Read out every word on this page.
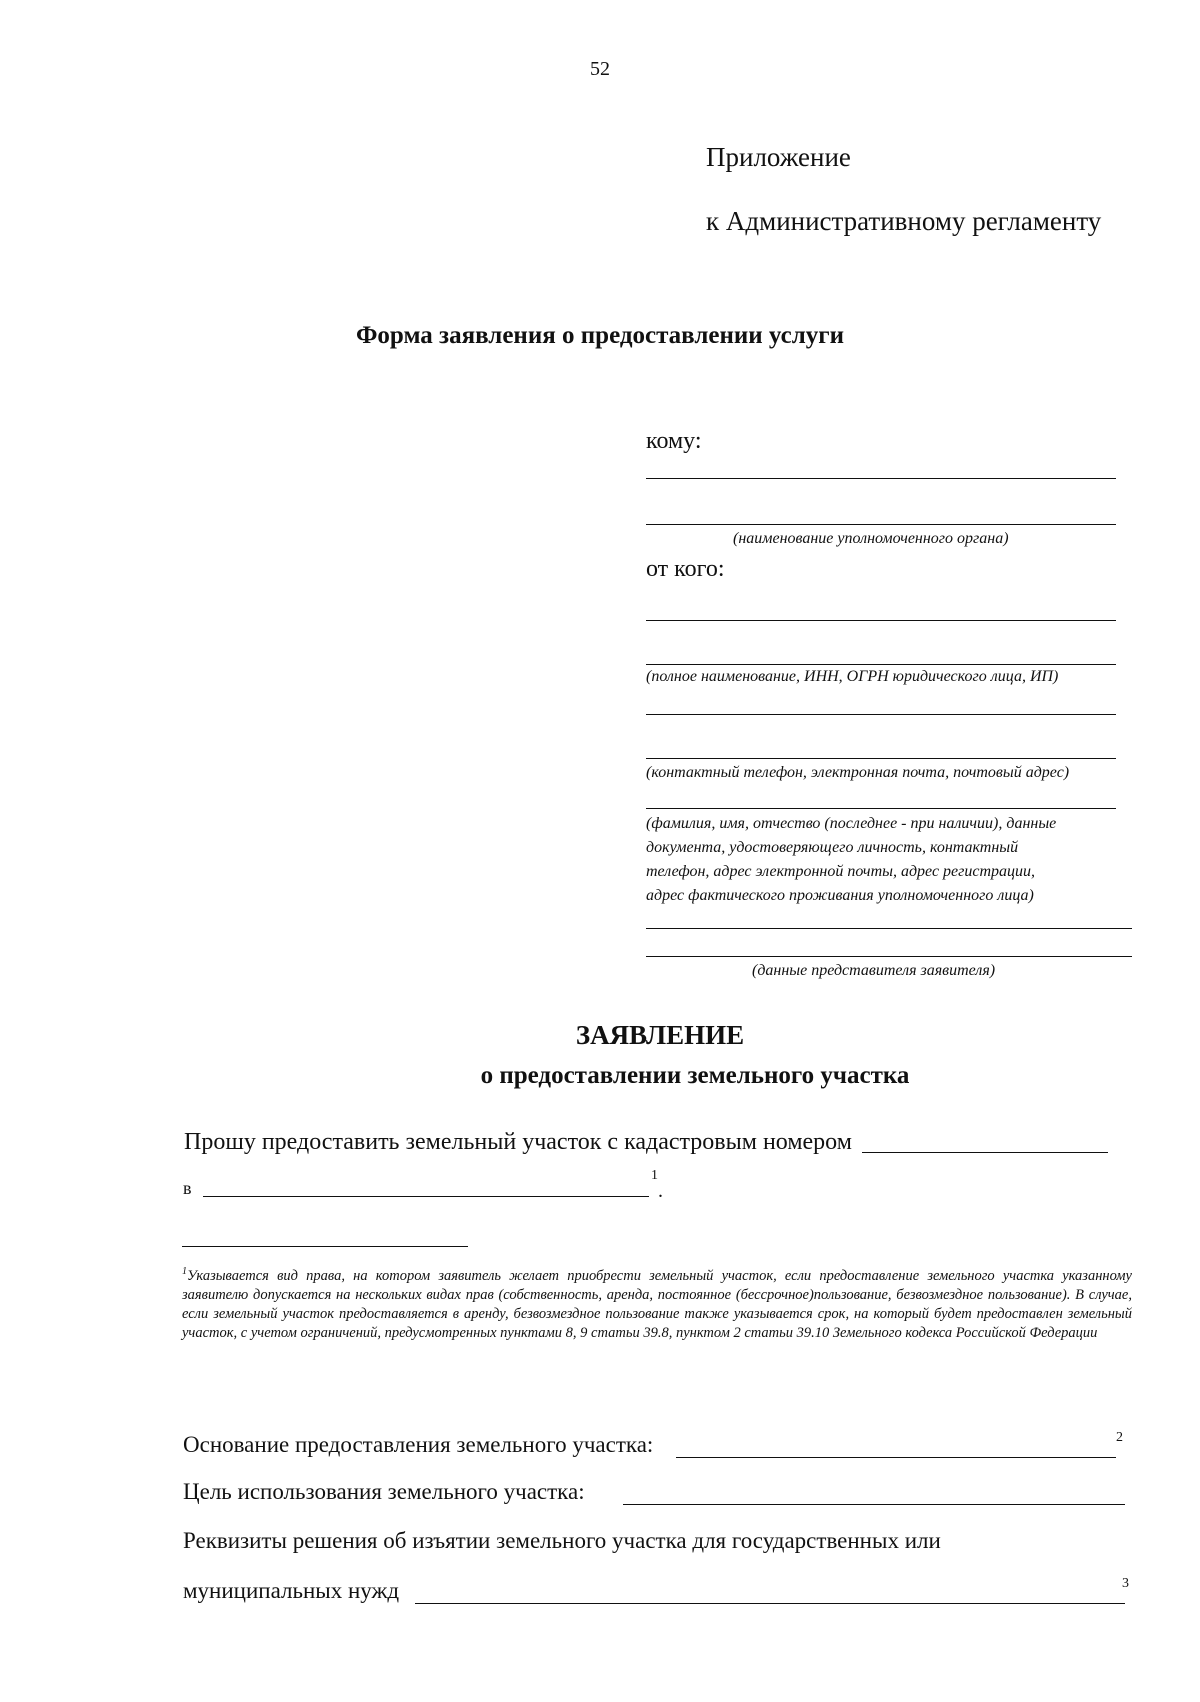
52
Приложение
к Административному регламенту
Форма заявления о предоставлении услуги
кому:
(наименование уполномоченного органа)
от кого:
(полное наименование, ИНН, ОГРН юридического лица, ИП)
(контактный телефон, электронная почта, почтовый адрес)
(фамилия, имя, отчество (последнее - при наличии), данные
документа, удостоверяющего личность, контактный
телефон, адрес электронной почты, адрес регистрации,
адрес фактического проживания уполномоченного лица)
(данные представителя заявителя)
ЗАЯВЛЕНИЕ
о предоставлении земельного участка
Прошу предоставить земельный участок с кадастровым номером
в
1
.
$^1$Указывается вид права, на котором заявитель желает приобрести земельный участок, если предоставление земельного участка указанному заявителю допускается на нескольких видах прав (собственность, аренда, постоянное (бессрочное)пользование, безвозмездное пользование). В случае, если земельный участок предоставляется в аренду, безвозмездное пользование также указывается срок, на который будет предоставлен земельный участок, с учетом ограничений, предусмотренных пунктами 8, 9 статьи 39.8, пунктом 2 статьи 39.10 Земельного кодекса Российской Федерации
Основание предоставления земельного участка:	2
Цель использования земельного участка:
Реквизиты решения об изъятии земельного участка для государственных или
муниципальных нужд	3
